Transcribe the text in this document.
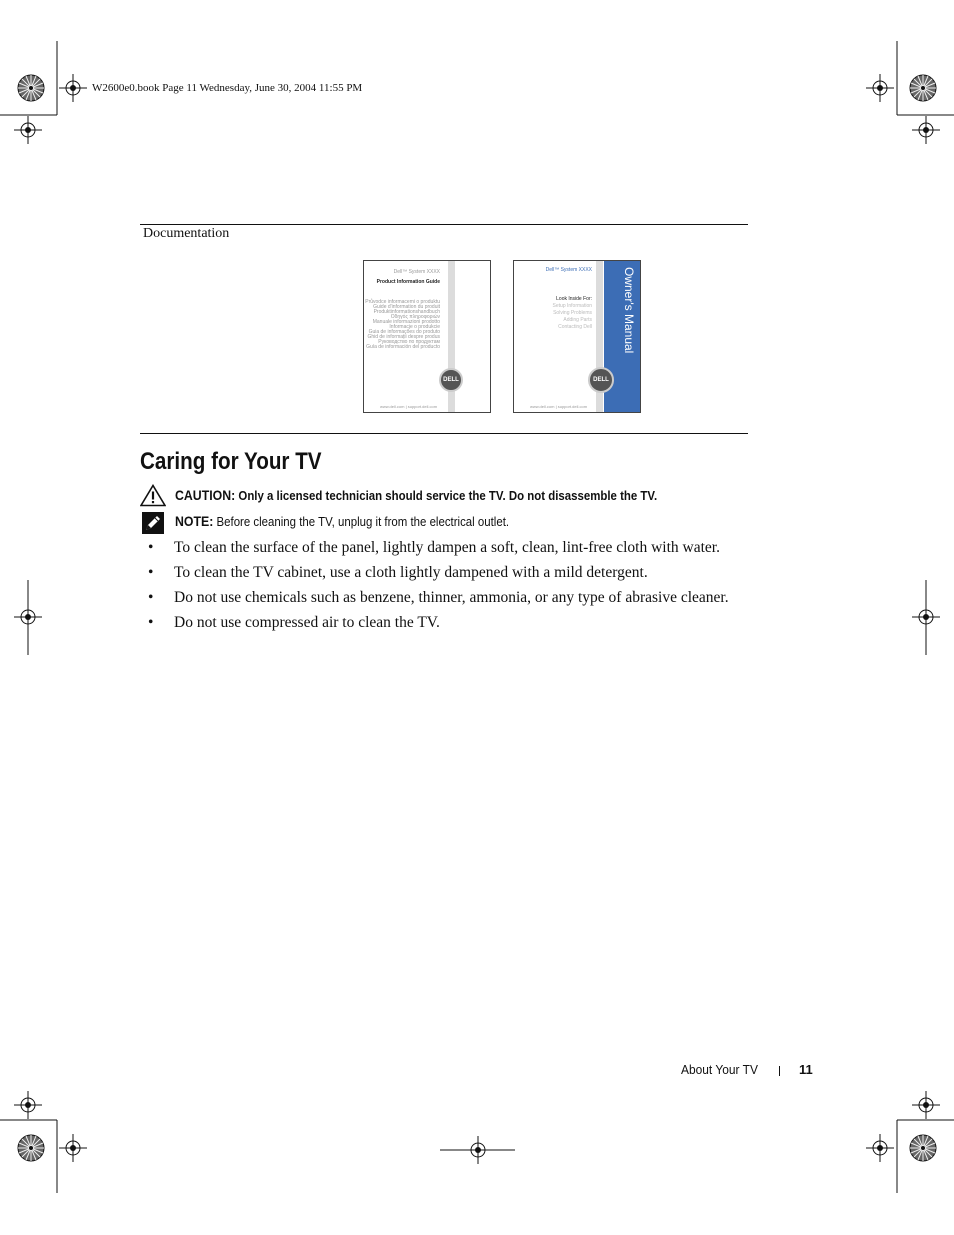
W2600e0.book Page 11 Wednesday, June 30, 2004 11:55 PM
Documentation
Dell™ System XXXX
Product Information Guide
Průvodce informacemi o produktu
Guide d'information du produit
Produktinformationshandbuch
Οδηγός πληροφοριών
Manuale informazioni prodotto
Informacje o produkcie
Guia de informações do produto
Ghid de informații despre produs
Руководство по продуктам
Guía de información del producto
DELL
www.dell.com | support.dell.com
Dell™ System XXXX
Look Inside For:
Setup Information
Solving Problems
Adding Parts
Contacting Dell	Owner's Manual
DELL
www.dell.com | support.dell.com
Caring for Your TV
CAUTION: Only a licensed technician should service the TV. Do not disassemble the TV.
NOTE: Before cleaning the TV, unplug it from the electrical outlet.
• To clean the surface of the panel, lightly dampen a soft, clean, lint-free cloth with water.
• To clean the TV cabinet, use a cloth lightly dampened with a mild detergent.
• Do not use chemicals such as benzene, thinner, ammonia, or any type of abrasive cleaner.
• Do not use compressed air to clean the TV.
About Your TV	11
